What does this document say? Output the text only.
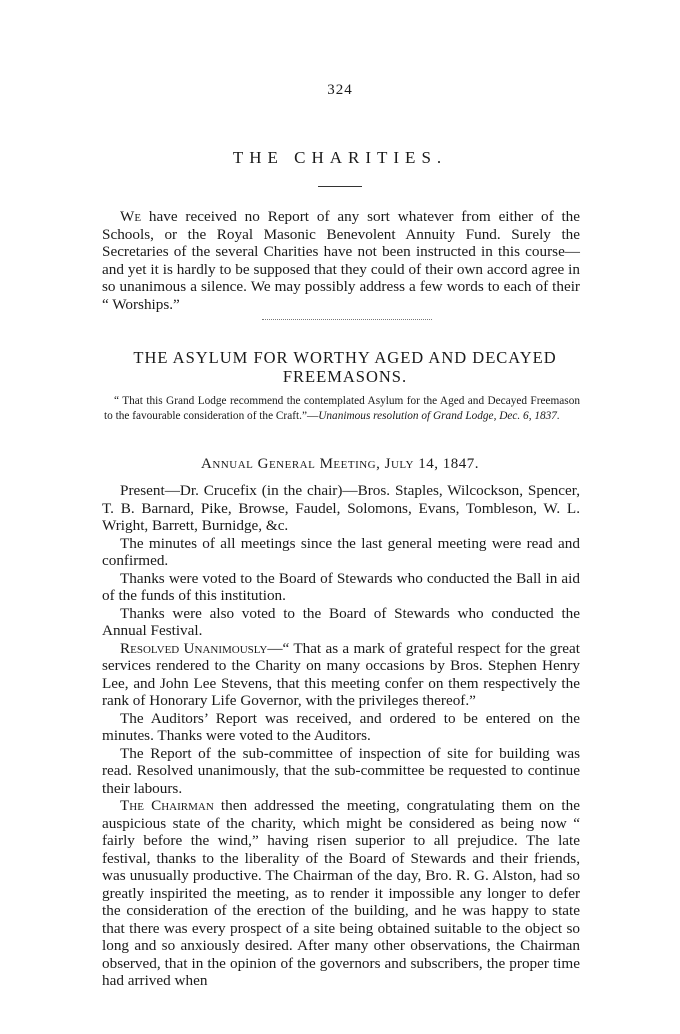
324
THE CHARITIES.

We have received no Report of any sort whatever from either of the Schools, or the Royal Masonic Benevolent Annuity Fund. Surely the Secretaries of the several Charities have not been instructed in this course—and yet it is hardly to be supposed that they could of their own accord agree in so unanimous a silence. We may possibly address a few words to each of their “ Worships.”

THE ASYLUM FOR WORTHY AGED AND DECAYED FREEMASONS.
“ That this Grand Lodge recommend the contemplated Asylum for the Aged and Decayed Freemason to the favourable consideration of the Craft.”—Unanimous resolution of Grand Lodge, Dec. 6, 1837.
Annual General Meeting, July 14, 1847.

Present—Dr. Crucefix (in the chair)—Bros. Staples, Wilcockson, Spencer, T. B. Barnard, Pike, Browse, Faudel, Solomons, Evans, Tombleson, W. L. Wright, Barrett, Burnidge, &c.

The minutes of all meetings since the last general meeting were read and confirmed.

Thanks were voted to the Board of Stewards who conducted the Ball in aid of the funds of this institution.

Thanks were also voted to the Board of Stewards who conducted the Annual Festival.

Resolved Unanimously—“ That as a mark of grateful respect for the great services rendered to the Charity on many occasions by Bros. Stephen Henry Lee, and John Lee Stevens, that this meeting confer on them respectively the rank of Honorary Life Governor, with the privileges thereof.”

The Auditors’ Report was received, and ordered to be entered on the minutes. Thanks were voted to the Auditors.

The Report of the sub-committee of inspection of site for building was read. Resolved unanimously, that the sub-committee be requested to continue their labours.

The Chairman then addressed the meeting, congratulating them on the auspicious state of the charity, which might be considered as being now “ fairly before the wind,” having risen superior to all prejudice. The late festival, thanks to the liberality of the Board of Stewards and their friends, was unusually productive. The Chairman of the day, Bro. R. G. Alston, had so greatly inspirited the meeting, as to render it impossible any longer to defer the consideration of the erection of the building, and he was happy to state that there was every prospect of a site being obtained suitable to the object so long and so anxiously desired. After many other observations, the Chairman observed, that in the opinion of the governors and subscribers, the proper time had arrived when
